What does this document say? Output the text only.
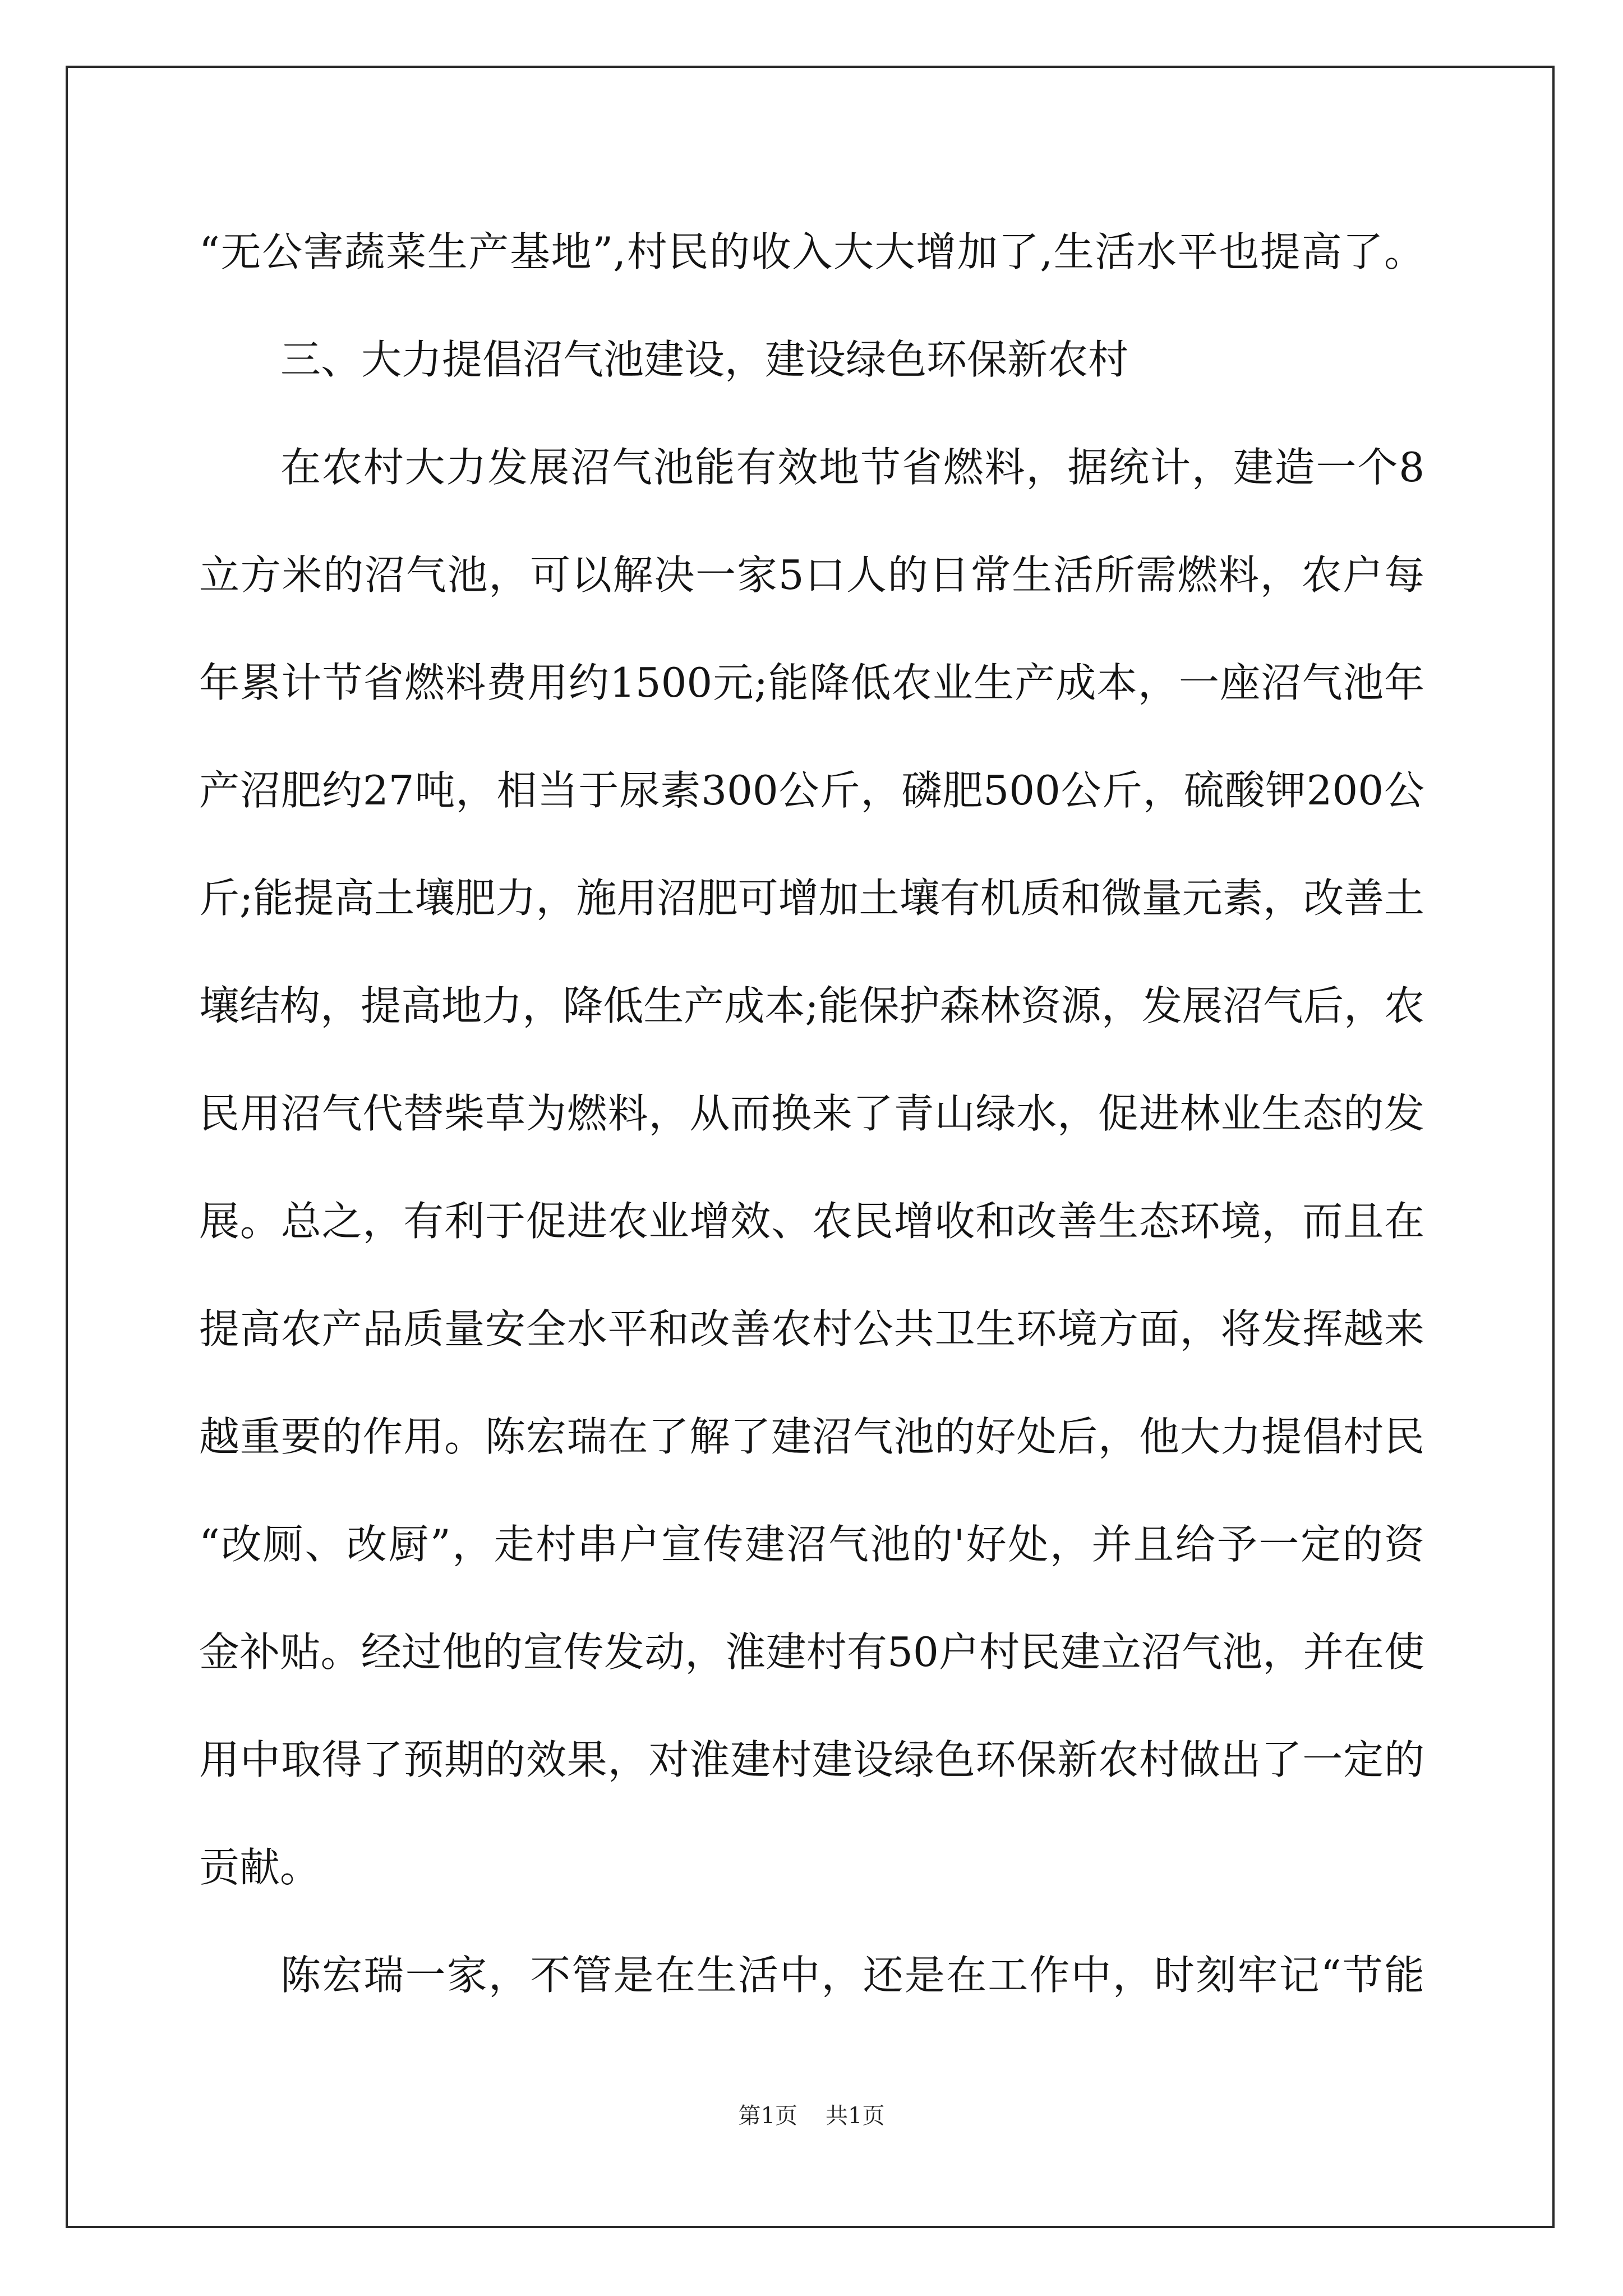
“无公害蔬菜生产基地”,村民的收入大大增加了,生活水平也提高了。

三、大力提倡沼气池建设，建设绿色环保新农村

在农村大力发展沼气池能有效地节省燃料，据统计，建造一个8

立方米的沼气池，可以解决一家5口人的日常生活所需燃料，农户每

年累计节省燃料费用约1500元;能降低农业生产成本，一座沼气池年

产沼肥约27吨，相当于尿素300公斤，磷肥500公斤，硫酸钾200公

斤;能提高土壤肥力，施用沼肥可增加土壤有机质和微量元素，改善土

壤结构，提高地力，降低生产成本;能保护森林资源，发展沼气后，农

民用沼气代替柴草为燃料，从而换来了青山绿水，促进林业生态的发

展。总之，有利于促进农业增效、农民增收和改善生态环境，而且在

提高农产品质量安全水平和改善农村公共卫生环境方面，将发挥越来

越重要的作用。陈宏瑞在了解了建沼气池的好处后，他大力提倡村民

“改厕、改厨”，走村串户宣传建沼气池的'好处，并且给予一定的资

金补贴。经过他的宣传发动，淮建村有50户村民建立沼气池，并在使

用中取得了预期的效果，对淮建村建设绿色环保新农村做出了一定的

贡献。

陈宏瑞一家，不管是在生活中，还是在工作中，时刻牢记“节能

第1页 共1页
